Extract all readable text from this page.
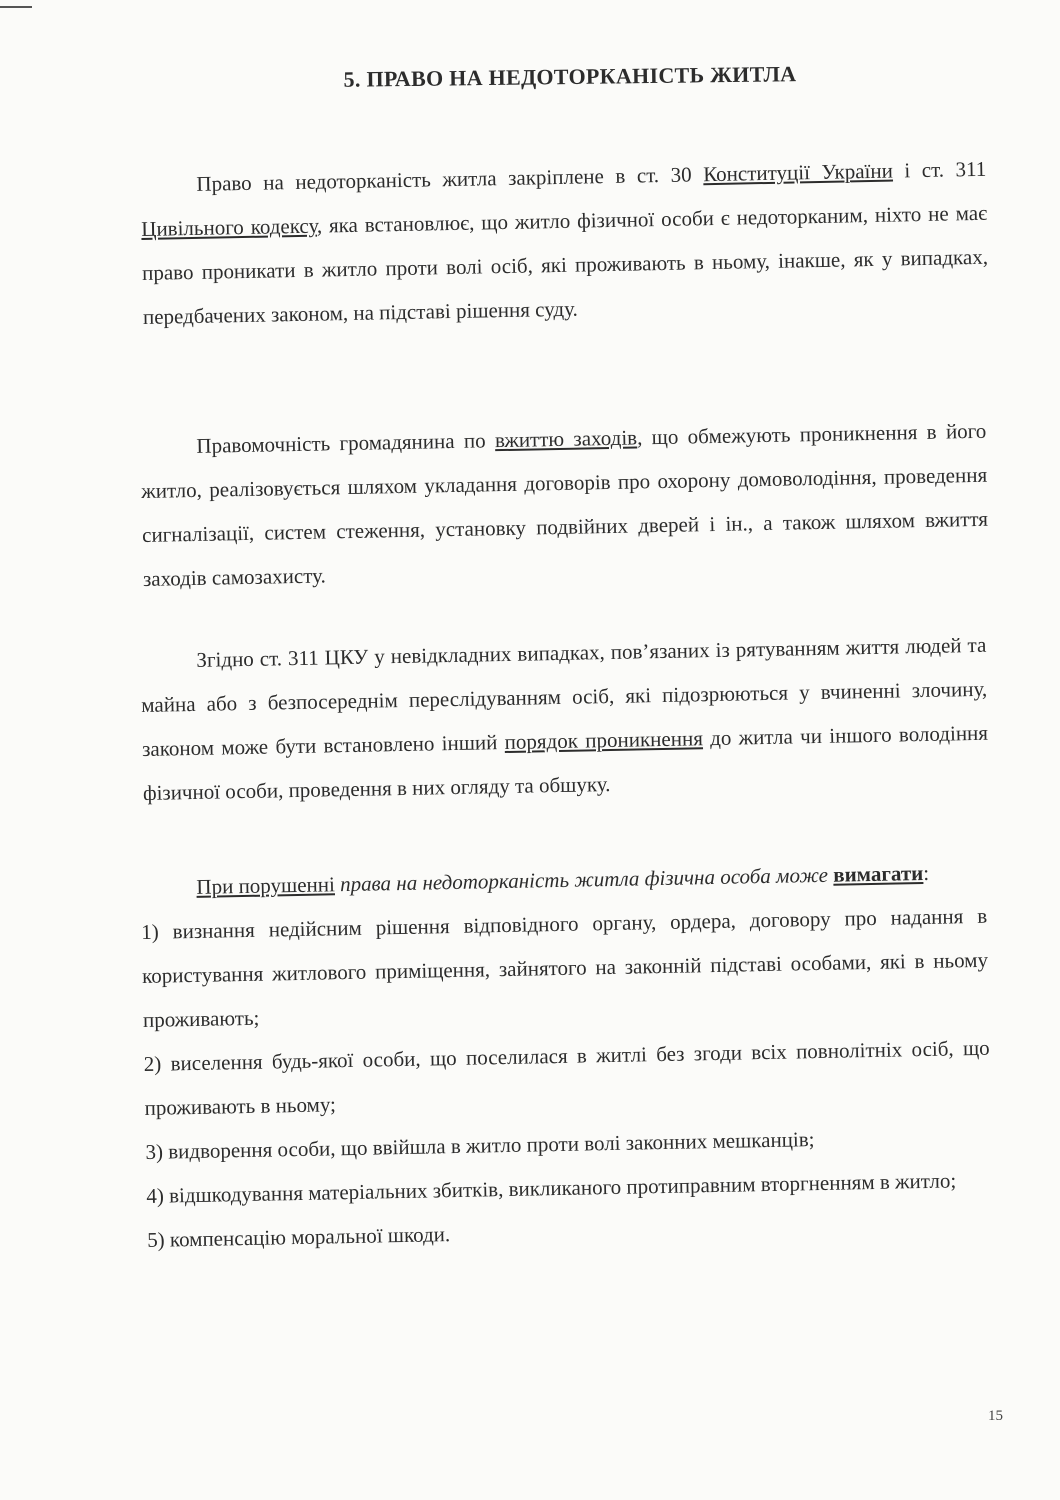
5. ПРАВО НА НЕДОТОРКАНІСТЬ ЖИТЛА

Право на недоторканість житла закріплене в ст. 30 Конституції України і ст. 311 Цивільного кодексу, яка встановлює, що житло фізичної особи є недоторканим, ніхто не має право проникати в житло проти волі осіб, які проживають в ньому, інакше, як у випадках, передбачених законом, на підставі рішення суду.

Правомочність громадянина по вжиттю заходів, що обмежують проникнення в його житло, реалізовується шляхом укладання договорів про охорону домоволодіння, проведення сигналізації, систем стеження, установку подвійних дверей і ін., а також шляхом вжиття заходів самозахисту.

Згідно ст. 311 ЦКУ у невідкладних випадках, пов’язаних із рятуванням життя людей та майна або з безпосереднім переслідуванням осіб, які підозрюються у вчиненні злочину, законом може бути встановлено інший порядок проникнення до житла чи іншого володіння фізичної особи, проведення в них огляду та обшуку.

При порушенні права на недоторканість житла фізична особа може вимагати:
1) визнання недійсним рішення відповідного органу, ордера, договору про надання в користування житлового приміщення, зайнятого на законній підставі особами, які в ньому проживають;
2) виселення будь-якої особи, що поселилася в житлі без згоди всіх повнолітніх осіб, що проживають в ньому;
3) видворення особи, що ввійшла в житло проти волі законних мешканців;
4) відшкодування матеріальних збитків, викликаного протиправним вторгненням в житло;
5) компенсацію моральної шкоди.
15
